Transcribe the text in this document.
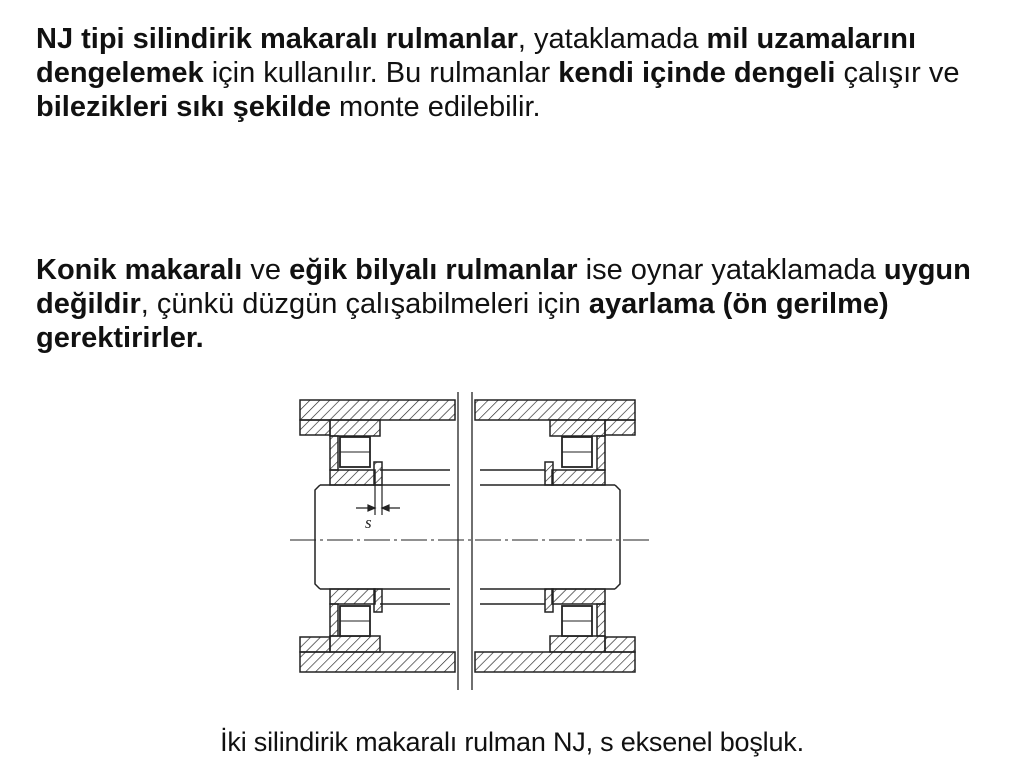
NJ tipi silindirik makaralı rulmanlar, yataklamada mil uzamalarını dengelemek için kullanılır. Bu rulmanlar kendi içinde dengeli çalışır ve bilezikleri sıkı şekilde monte edilebilir.

Konik makaralı ve eğik bilyalı rulmanlar ise oynar yataklamada uygun değildir, çünkü düzgün çalışabilmeleri için ayarlama (ön gerilme) gerektirirler.

s
İki silindirik makaralı rulman NJ, s eksenel boşluk.
